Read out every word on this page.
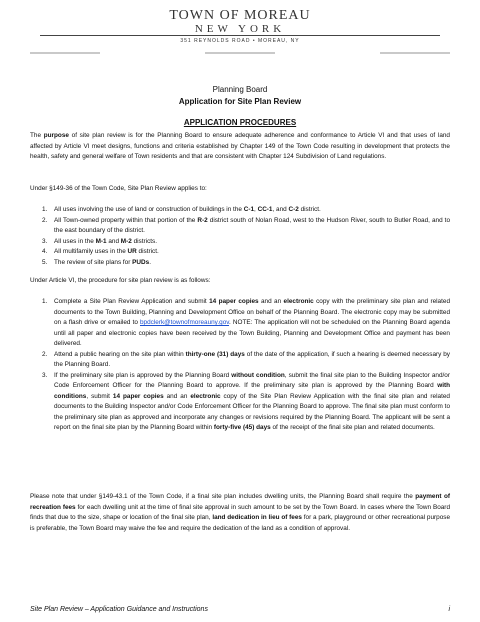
TOWN OF MOREAU
NEW YORK
351 REYNOLDS ROAD • MOREAU, NY
Planning Board
Application for Site Plan Review
APPLICATION PROCEDURES
The purpose of site plan review is for the Planning Board to ensure adequate adherence and conformance to Article VI and that uses of land affected by Article VI meet designs, functions and criteria established by Chapter 149 of the Town Code resulting in development that protects the health, safety and general welfare of Town residents and that are consistent with Chapter 124 Subdivision of Land regulations.
Under §149-36 of the Town Code, Site Plan Review applies to:
1. All uses involving the use of land or construction of buildings in the C-1, CC-1, and C-2 district.
2. All Town-owned property within that portion of the R-2 district south of Nolan Road, west to the Hudson River, south to Butler Road, and to the east boundary of the district.
3. All uses in the M-1 and M-2 districts.
4. All multifamily uses in the UR district.
5. The review of site plans for PUDs.
Under Article VI, the procedure for site plan review is as follows:
1. Complete a Site Plan Review Application and submit 14 paper copies and an electronic copy with the preliminary site plan and related documents to the Town Building, Planning and Development Office on behalf of the Planning Board. The electronic copy may be submitted on a flash drive or emailed to bpdclerk@townofmoreauny.gov. NOTE: The application will not be scheduled on the Planning Board agenda until all paper and electronic copies have been received by the Town Building, Planning and Development Office and payment has been delivered.
2. Attend a public hearing on the site plan within thirty-one (31) days of the date of the application, if such a hearing is deemed necessary by the Planning Board.
3. If the preliminary site plan is approved by the Planning Board without condition, submit the final site plan to the Building Inspector and/or Code Enforcement Officer for the Planning Board to approve. If the preliminary site plan is approved by the Planning Board with conditions, submit 14 paper copies and an electronic copy of the Site Plan Review Application with the final site plan and related documents to the Building Inspector and/or Code Enforcement Officer for the Planning Board to approve. The final site plan must conform to the preliminary site plan as approved and incorporate any changes or revisions required by the Planning Board. The applicant will be sent a report on the final site plan by the Planning Board within forty-five (45) days of the receipt of the final site plan and related documents.
Please note that under §149-43.1 of the Town Code, if a final site plan includes dwelling units, the Planning Board shall require the payment of recreation fees for each dwelling unit at the time of final site approval in such amount to be set by the Town Board. In cases where the Town Board finds that due to the size, shape or location of the final site plan, land dedication in lieu of fees for a park, playground or other recreational purpose is preferable, the Town Board may waive the fee and require the dedication of the land as a condition of approval.
Site Plan Review – Application Guidance and Instructions	i
